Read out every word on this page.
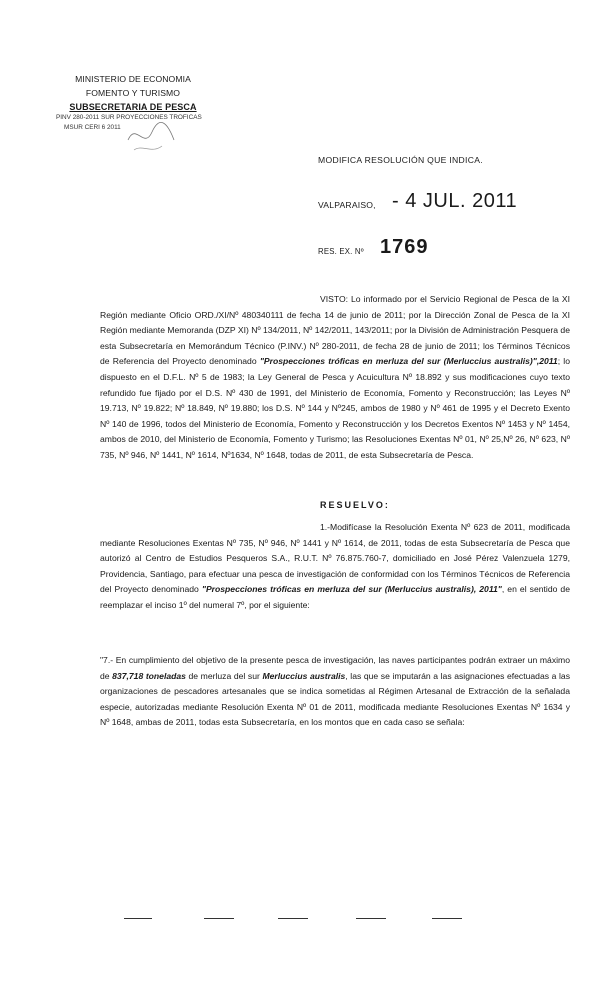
MINISTERIO DE ECONOMIA
FOMENTO Y TURISMO
SUBSECRETARIA DE PESCA
PINV 280-2011 SUR PROYECCIONES TROFICAS
MSUR CERI 6 2011
MODIFICA RESOLUCIÓN QUE INDICA.
VALPARAISO, - 4 JUL. 2011
RES. EX. Nº 1769
VISTO: Lo informado por el Servicio Regional de Pesca de la XI Región mediante Oficio ORD./XI/Nº 480340111 de fecha 14 de junio de 2011; por la Dirección Zonal de Pesca de la XI Región mediante Memoranda (DZP XI) Nº 134/2011, Nº 142/2011, 143/2011; por la División de Administración Pesquera de esta Subsecretaría en Memorándum Técnico (P.INV.) Nº 280-2011, de fecha 28 de junio de 2011; los Términos Técnicos de Referencia del Proyecto denominado "Prospecciones tróficas en merluza del sur (Merluccius australis)",2011; lo dispuesto en el D.F.L. Nº 5 de 1983; la Ley General de Pesca y Acuicultura Nº 18.892 y sus modificaciones cuyo texto refundido fue fijado por el D.S. Nº 430 de 1991, del Ministerio de Economía, Fomento y Reconstrucción; las Leyes Nº 19.713, Nº 19.822; Nº 18.849, Nº 19.880; los D.S. Nº 144 y Nº245, ambos de 1980 y Nº 461 de 1995 y el Decreto Exento Nº 140 de 1996, todos del Ministerio de Economía, Fomento y Reconstrucción y los Decretos Exentos Nº 1453 y Nº 1454, ambos de 2010, del Ministerio de Economía, Fomento y Turismo; las Resoluciones Exentas Nº 01, Nº 25,Nº 26, Nº 623, Nº 735, Nº 946, Nº 1441, Nº 1614, Nº1634, Nº 1648, todas de 2011, de esta Subsecretaría de Pesca.
RESUELVO:
1.-Modifícase la Resolución Exenta Nº 623 de 2011, modificada mediante Resoluciones Exentas Nº 735, Nº 946, Nº 1441 y Nº 1614, de 2011, todas de esta Subsecretaría de Pesca que autorizó al Centro de Estudios Pesqueros S.A., R.U.T. Nº 76.875.760-7, domiciliado en José Pérez Valenzuela 1279, Providencia, Santiago, para efectuar una pesca de investigación de conformidad con los Términos Técnicos de Referencia del Proyecto denominado "Prospecciones tróficas en merluza del sur (Merluccius australis), 2011", en el sentido de reemplazar el inciso 1º del numeral 7º, por el siguiente:
"7.- En cumplimiento del objetivo de la presente pesca de investigación, las naves participantes podrán extraer un máximo de 837,718 toneladas de merluza del sur Merluccius australis, las que se imputarán a las asignaciones efectuadas a las organizaciones de pescadores artesanales que se indica sometidas al Régimen Artesanal de Extracción de la señalada especie, autorizadas mediante Resolución Exenta Nº 01 de 2011, modificada mediante Resoluciones Exentas Nº 1634 y Nº 1648, ambas de 2011, todas esta Subsecretaría, en los montos que en cada caso se señala:
